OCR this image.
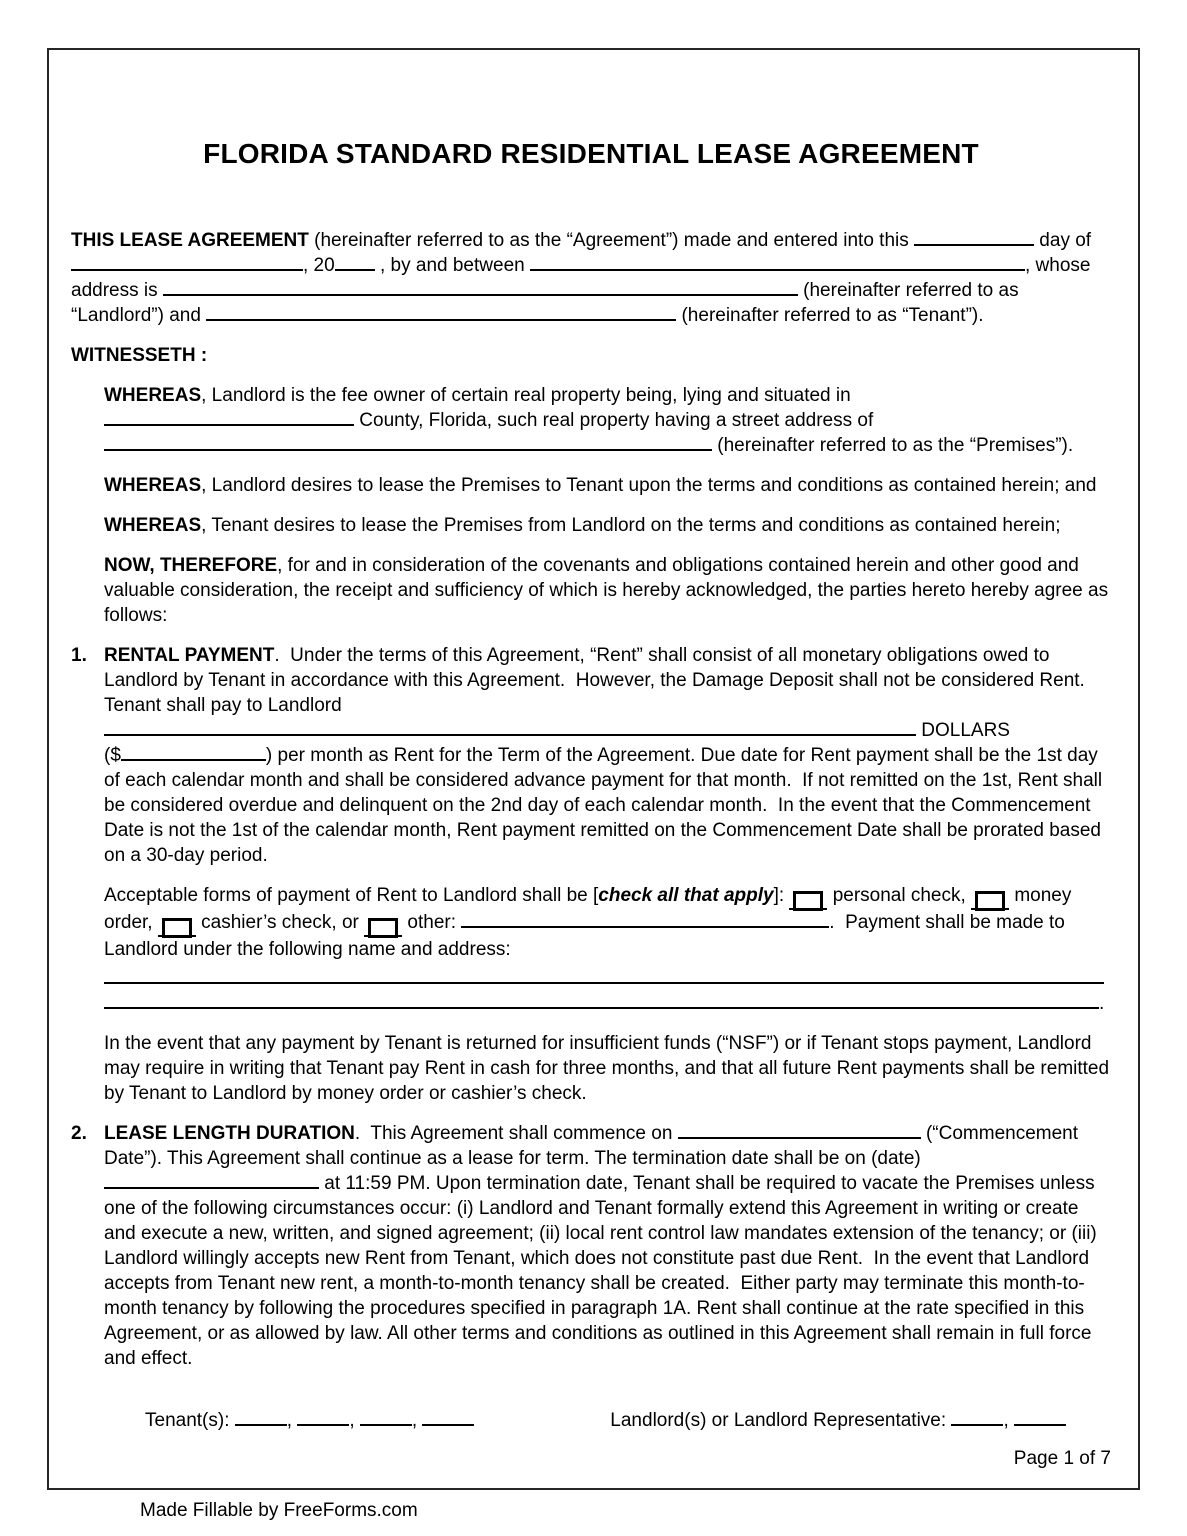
FLORIDA STANDARD RESIDENTIAL LEASE AGREEMENT
THIS LEASE AGREEMENT (hereinafter referred to as the “Agreement”) made and entered into this	day of , 20 , by and between	, whose address is	(hereinafter referred to as “Landlord”) and	(hereinafter referred to as “Tenant”).
WITNESSETH :
WHEREAS, Landlord is the fee owner of certain real property being, lying and situated in
County, Florida, such real property having a street address of
(hereinafter referred to as the “Premises”).
WHEREAS, Landlord desires to lease the Premises to Tenant upon the terms and conditions as contained herein; and
WHEREAS, Tenant desires to lease the Premises from Landlord on the terms and conditions as contained herein;
NOW, THEREFORE, for and in consideration of the covenants and obligations contained herein and other good and valuable consideration, the receipt and sufficiency of which is hereby acknowledged, the parties hereto hereby agree as follows:
1. RENTAL PAYMENT.  Under the terms of this Agreement, “Rent” shall consist of all monetary obligations owed to Landlord by Tenant in accordance with this Agreement.  However, the Damage Deposit shall not be considered Rent. Tenant shall pay to Landlord
DOLLARS
($	) per month as Rent for the Term of the Agreement. Due date for Rent payment shall be the 1st day of each calendar month and shall be considered advance payment for that month.  If not remitted on the 1st, Rent shall be considered overdue and delinquent on the 2nd day of each calendar month.  In the event that the Commencement Date is not the 1st of the calendar month, Rent payment remitted on the Commencement Date shall be prorated based on a 30-day period.
Acceptable forms of payment of Rent to Landlord shall be [check all that apply]:  personal check,  money order,  cashier’s check, or  other:	.  Payment shall be made to Landlord under the following name and address:

.
In the event that any payment by Tenant is returned for insufficient funds (“NSF”) or if Tenant stops payment, Landlord may require in writing that Tenant pay Rent in cash for three months, and that all future Rent payments shall be remitted by Tenant to Landlord by money order or cashier’s check.
2. LEASE LENGTH DURATION.  This Agreement shall commence on	(“Commencement Date”). This Agreement shall continue as a lease for term. The termination date shall be on (date)
at 11:59 PM. Upon termination date, Tenant shall be required to vacate the Premises unless one of the following circumstances occur: (i) Landlord and Tenant formally extend this Agreement in writing or create and execute a new, written, and signed agreement; (ii) local rent control law mandates extension of the tenancy; or (iii) Landlord willingly accepts new Rent from Tenant, which does not constitute past due Rent.  In the event that Landlord accepts from Tenant new rent, a month-to-month tenancy shall be created.  Either party may terminate this month-to-month tenancy by following the procedures specified in paragraph 1A. Rent shall continue at the rate specified in this Agreement, or as allowed by law. All other terms and conditions as outlined in this Agreement shall remain in full force and effect.
Tenant(s):	,	,	,	Landlord(s) or Landlord Representative:	,
Page 1 of 7
Made Fillable by FreeForms.com
